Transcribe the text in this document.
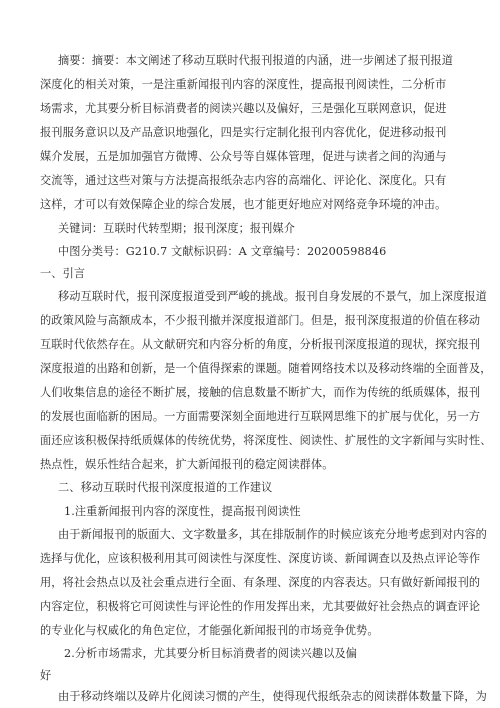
摘要：摘要：本文阐述了移动互联时代报刊报道的内涵，进一步阐述了报刊报道
深度化的相关对策，一是注重新闻报刊内容的深度性，提高报刊阅读性，二分析市
场需求，尤其要分析目标消费者的阅读兴趣以及偏好，三是强化互联网意识，促进
报刊服务意识以及产品意识地强化，四是实行定制化报刊内容优化，促进移动报刊
媒介发展，五是加加强官方微博、公众号等自媒体管理，促进与读者之间的沟通与
交流等，通过这些对策与方法提高报纸杂志内容的高端化、评论化、深度化。只有
这样，才可以有效保障企业的综合发展，也才能更好地应对网络竞争环境的冲击。
关键词：互联时代转型期；报刊深度；报刊媒介
中图分类号：G210.7 文献标识码：A 文章编号：20200598846
一、引言
移动互联时代，报刊深度报道受到严峻的挑战。报刊自身发展的不景气，加上深度报道
的政策风险与高额成本，不少报刊撤并深度报道部门。但是，报刊深度报道的价值在移动
互联时代依然存在。从文献研究和内容分析的角度，分析报刊深度报道的现状，探究报刊
深度报道的出路和创新，是一个值得探索的课题。随着网络技术以及移动终端的全面普及，
人们收集信息的途径不断扩展，接触的信息数量不断扩大，而作为传统的纸质媒体，报刊
的发展也面临新的困局。一方面需要深刻全面地进行互联网思维下的扩展与优化，另一方
面还应该积极保持纸质媒体的传统优势，将深度性、阅读性、扩展性的文字新闻与实时性、
热点性，娱乐性结合起来，扩大新闻报刊的稳定阅读群体。
二、移动互联时代报刊深度报道的工作建议
1.注重新闻报刊内容的深度性，提高报刊阅读性
由于新闻报刊的版面大、文字数量多，其在排版制作的时候应该充分地考虑到对内容的
选择与优化，应该积极利用其可阅读性与深度性、深度访谈、新闻调查以及热点评论等作
用，将社会热点以及社会重点进行全面、有条理、深度的内容表达。只有做好新闻报刊的
内容定位，积极将它可阅读性与评论性的作用发挥出来，尤其要做好社会热点的调查评论
的专业化与权威化的角色定位，才能强化新闻报刊的市场竞争优势。
2.分析市场需求，尤其要分析目标消费者的阅读兴趣以及偏
好
由于移动终端以及碎片化阅读习惯的产生，使得现代报纸杂志的阅读群体数量下降，为
